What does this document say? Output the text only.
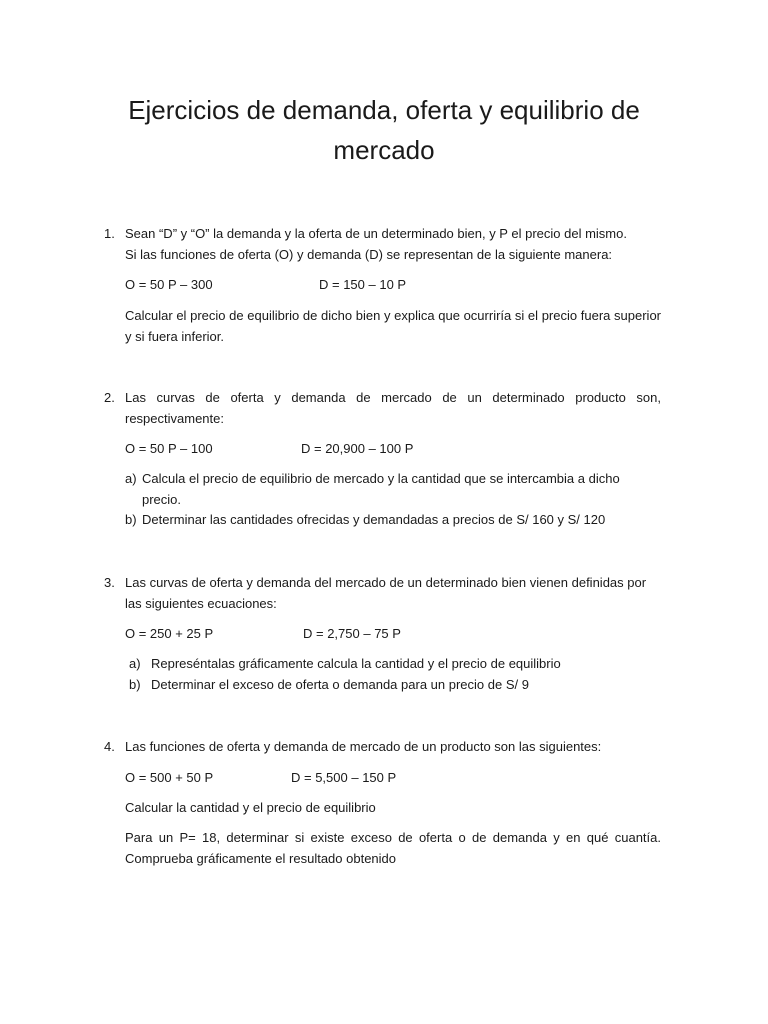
Ejercicios de demanda, oferta y equilibrio de
mercado
1. Sean “D” y “O” la demanda y la oferta de un determinado bien, y P el precio del mismo.
Si las funciones de oferta (O) y demanda (D) se representan de la siguiente manera:

O = 50 P – 300	D = 150 – 10 P

Calcular el precio de equilibrio de dicho bien y explica que ocurriría si el precio fuera superior y si fuera inferior.

2. Las curvas de oferta y demanda de mercado de un determinado producto son, respectivamente:

O = 50 P – 100	D = 20,900 – 100 P
a) Calcula el precio de equilibrio de mercado y la cantidad que se intercambia a dicho
precio.
b) Determinar las cantidades ofrecidas y demandadas a precios de S/ 160 y S/ 120
3. Las curvas de oferta y demanda del mercado de un determinado bien vienen definidas por las siguientes ecuaciones:

O = 250 + 25 P	D = 2,750 – 75 P
a) Represéntalas gráficamente calcula la cantidad y el precio de equilibrio
b) Determinar el exceso de oferta o demanda para un precio de S/ 9
4. Las funciones de oferta y demanda de mercado de un producto son las siguientes:

O = 500 + 50 P	D = 5,500 – 150 P

Calcular la cantidad y el precio de equilibrio

Para un P= 18, determinar si existe exceso de oferta o de demanda y en qué cuantía. Comprueba gráficamente el resultado obtenido
